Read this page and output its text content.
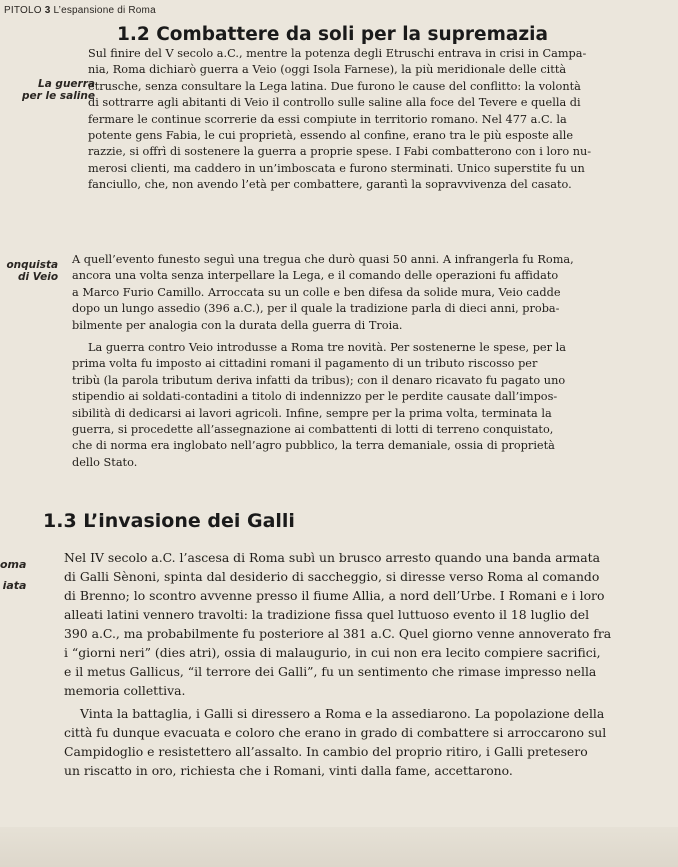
PITOLO 3 L’espansione di Roma
1.2 Combattere da soli per la supremazia
La guerra
per le saline
Sul finire del V secolo a.C., mentre la potenza degli Etruschi entrava in crisi in Campa-
nia, Roma dichiarò guerra a Veio (oggi Isola Farnese), la più meridionale delle città
etrusche, senza consultare la Lega latina. Due furono le cause del conflitto: la volontà
di sottrarre agli abitanti di Veio il controllo sulle saline alla foce del Tevere e quella di
fermare le continue scorrerie da essi compiute in territorio romano. Nel 477 a.C. la
potente gens Fabia, le cui proprietà, essendo al confine, erano tra le più esposte alle
razzie, si offrì di sostenere la guerra a proprie spese. I Fabi combatterono con i loro nu-
merosi clienti, ma caddero in un’imboscata e furono sterminati. Unico superstite fu un
fanciullo, che, non avendo l’età per combattere, garantì la sopravvivenza del casato.
onquista
di Veio
A quell’evento funesto seguì una tregua che durò quasi 50 anni. A infrangerla fu Roma,
ancora una volta senza interpellare la Lega, e il comando delle operazioni fu affidato
a Marco Furio Camillo. Arroccata su un colle e ben difesa da solide mura, Veio cadde
dopo un lungo assedio (396 a.C.), per il quale la tradizione parla di dieci anni, proba-
bilmente per analogia con la durata della guerra di Troia.
La guerra contro Veio introdusse a Roma tre novità. Per sostenerne le spese, per la
prima volta fu imposto ai cittadini romani il pagamento di un tributo riscosso per
tribù (la parola tributum deriva infatti da tribus); con il denaro ricavato fu pagato uno
stipendio ai soldati-contadini a titolo di indennizzo per le perdite causate dall’impos-
sibilità di dedicarsi ai lavori agricoli. Infine, sempre per la prima volta, terminata la
guerra, si procedette all’assegnazione ai combattenti di lotti di terreno conquistato,
che di norma era inglobato nell’agro pubblico, la terra demaniale, ossia di proprietà
dello Stato.
1.3 L’invasione dei Galli
oma
iata
Nel IV secolo a.C. l’ascesa di Roma subì un brusco arresto quando una banda armata
di Galli Sènoni, spinta dal desiderio di saccheggio, si diresse verso Roma al comando
di Brenno; lo scontro avvenne presso il fiume Allia, a nord dell’Urbe. I Romani e i loro
alleati latini vennero travolti: la tradizione fissa quel luttuoso evento il 18 luglio del
390 a.C., ma probabilmente fu posteriore al 381 a.C. Quel giorno venne annoverato fra
i “giorni neri” (dies atri), ossia di malaugurio, in cui non era lecito compiere sacrifici,
e il metus Gallicus, “il terrore dei Galli”, fu un sentimento che rimase impresso nella
memoria collettiva.
Vinta la battaglia, i Galli si diressero a Roma e la assediarono. La popolazione della
città fu dunque evacuata e coloro che erano in grado di combattere si arroccarono sul
Campidoglio e resistettero all’assalto. In cambio del proprio ritiro, i Galli pretesero
un riscatto in oro, richiesta che i Romani, vinti dalla fame, accettarono.
